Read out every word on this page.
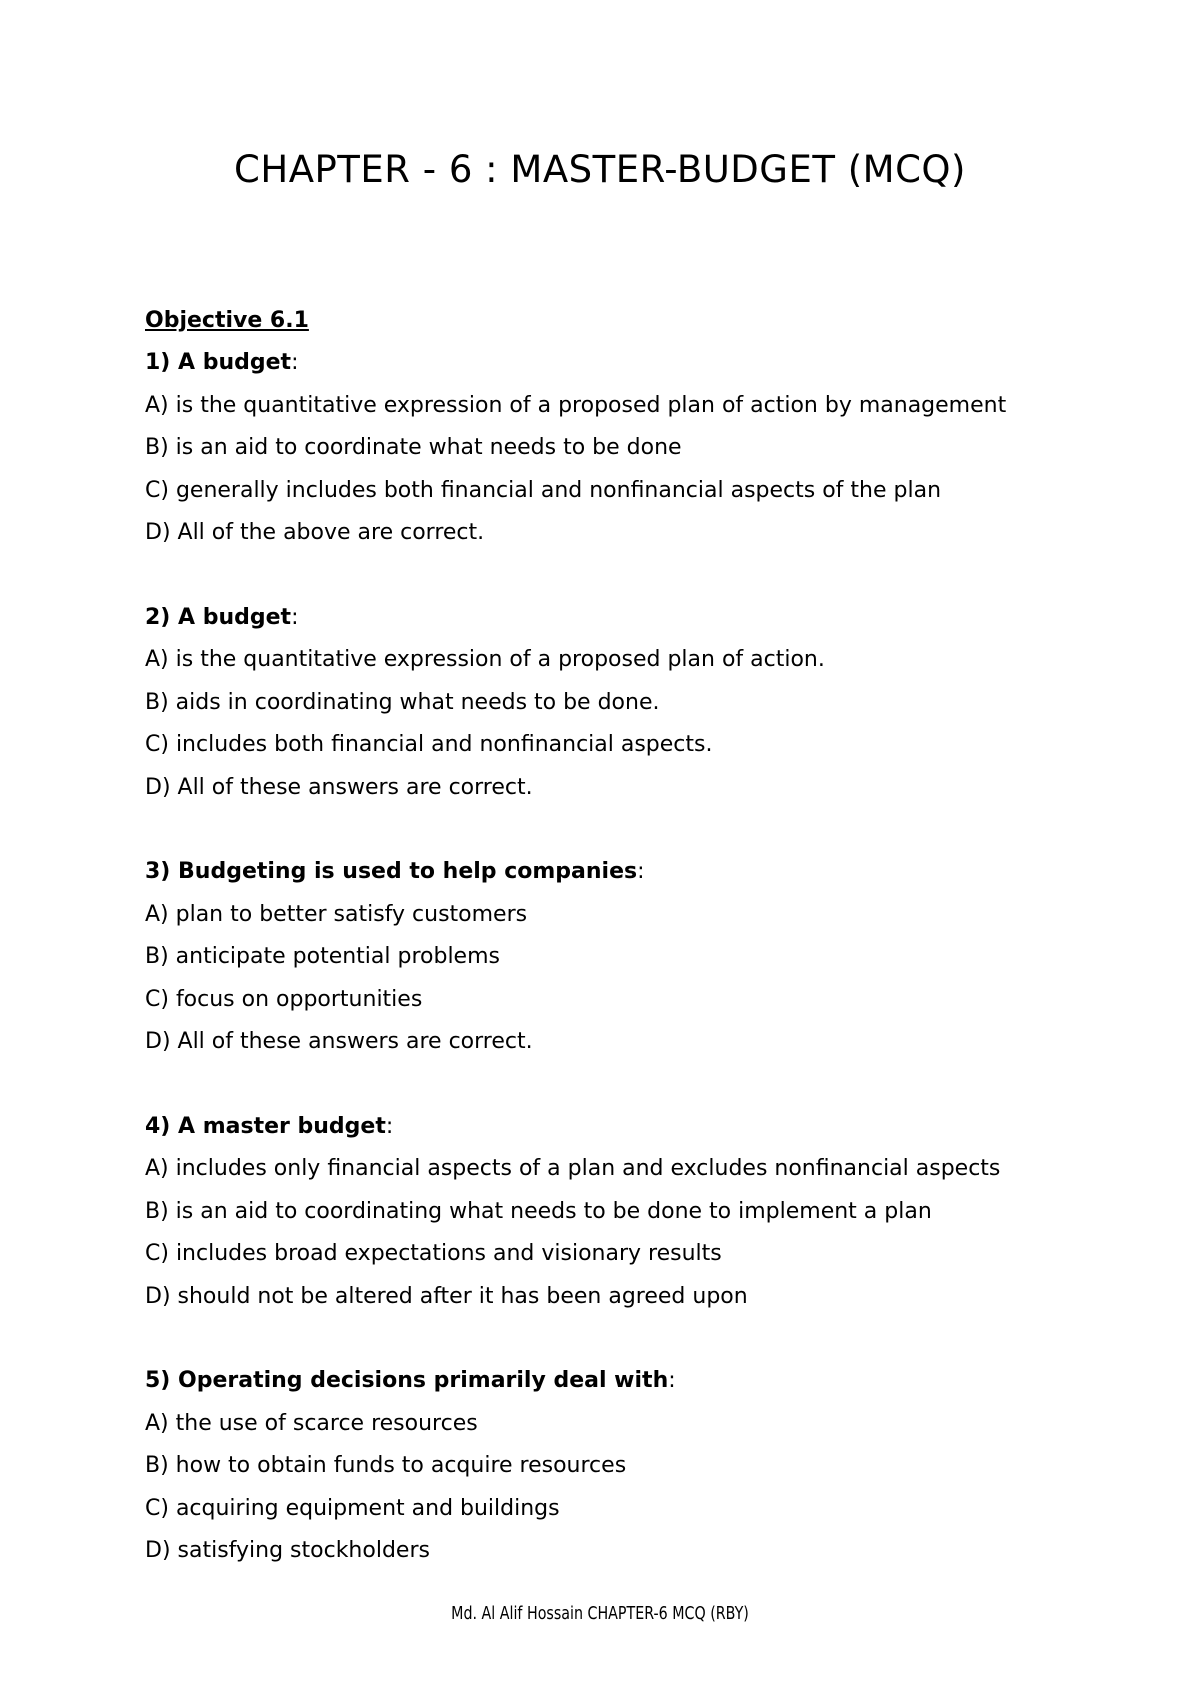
CHAPTER - 6 : MASTER-BUDGET (MCQ)
Objective 6.1
1) A budget:
A) is the quantitative expression of a proposed plan of action by management
B) is an aid to coordinate what needs to be done
C) generally includes both financial and nonfinancial aspects of the plan
D) All of the above are correct.
2) A budget:
A) is the quantitative expression of a proposed plan of action.
B) aids in coordinating what needs to be done.
C) includes both financial and nonfinancial aspects.
D) All of these answers are correct.
3) Budgeting is used to help companies:
A) plan to better satisfy customers
B) anticipate potential problems
C) focus on opportunities
D) All of these answers are correct.
4) A master budget:
A) includes only financial aspects of a plan and excludes nonfinancial aspects
B) is an aid to coordinating what needs to be done to implement a plan
C) includes broad expectations and visionary results
D) should not be altered after it has been agreed upon
5) Operating decisions primarily deal with:
A) the use of scarce resources
B) how to obtain funds to acquire resources
C) acquiring equipment and buildings
D) satisfying stockholders
Md. Al Alif Hossain CHAPTER-6 MCQ (RBY)
